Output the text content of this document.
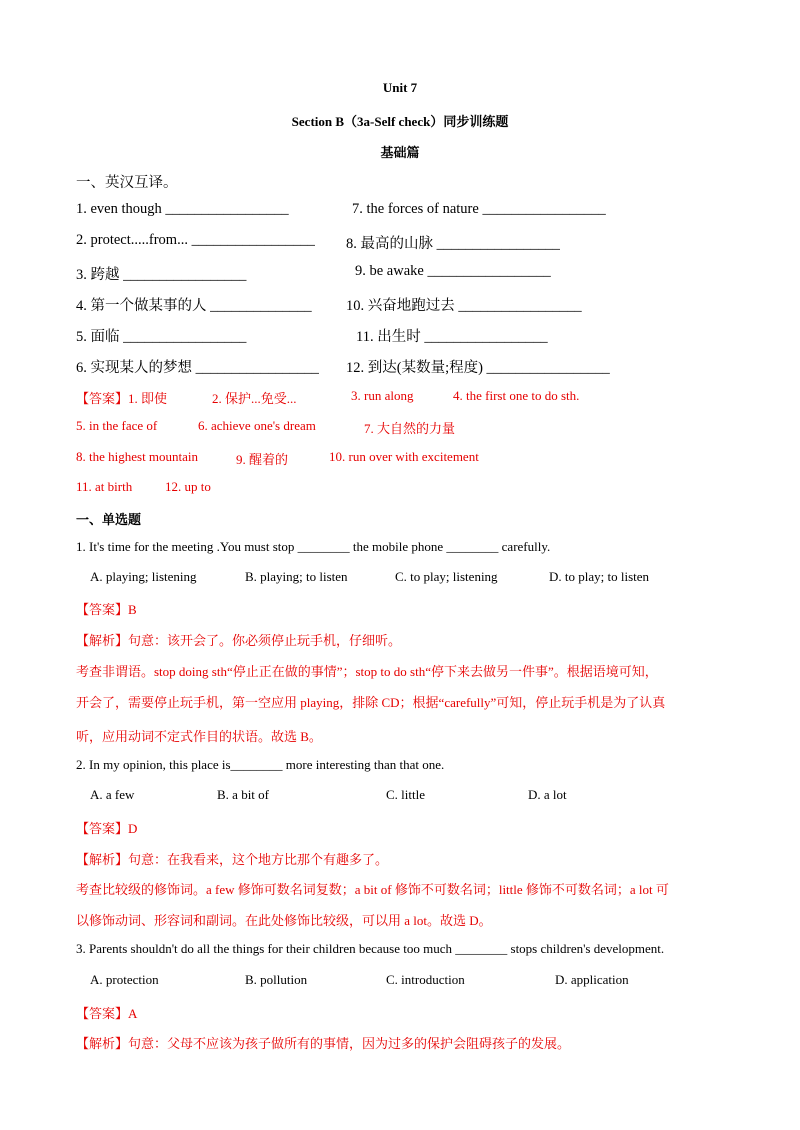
Unit 7
Section B（3a-Self check）同步训练题
基础篇
一、英汉互译。
1. even though _________________	7. the forces of nature _________________
2. protect.....from... _________________ 8. 最高的山脉 _________________
3. 跨越 _________________	9. be awake _________________
4. 第一个做某事的人 ______________ 10. 兴奋地跑过去 _________________
5. 面临 _________________	11. 出生时 _________________
6. 实现某人的梦想 _________________ 12. 到达(某数量;程度) _________________
【答案】 1. 即使	2. 保护...免受...	3. run along	4. the first one to do sth.
5. in the face of	6. achieve one's dream	7. 大自然的力量
8. the highest mountain	9. 醒着的	10. run over with excitement
11. at birth	12. up to
一、单选题
1. It's time for the meeting .You must stop ________ the mobile phone ________ carefully.
A. playing; listening	B. playing; to listen	C. to play; listening	D. to play; to listen
【答案】B
【解析】句意：该开会了。你必须停止玩手机，仔细听。
考查非谓语。stop doing sth“停止正在做的事情”；stop to do sth“停下来去做另一件事”。根据语境可知，
开会了，需要停止玩手机，第一空应用 playing，排除 CD；根据“carefully”可知，停止玩手机是为了认真
听，应用动词不定式作目的状语。故选 B。
2. In my opinion, this place is________ more interesting than that one.
A. a few	B. a bit of	C. little	D. a lot
【答案】D
【解析】句意：在我看来，这个地方比那个有趣多了。
考查比较级的修饰词。a few 修饰可数名词复数；a bit of 修饰不可数名词；little 修饰不可数名词；a lot 可
以修饰动词、形容词和副词。在此处修饰比较级，可以用 a lot。故选 D。
3. Parents shouldn't do all the things for their children because too much ________ stops children's development.
A. protection	B. pollution	C. introduction	D. application
【答案】A
【解析】句意：父母不应该为孩子做所有的事情，因为过多的保护会阻碍孩子的发展。
